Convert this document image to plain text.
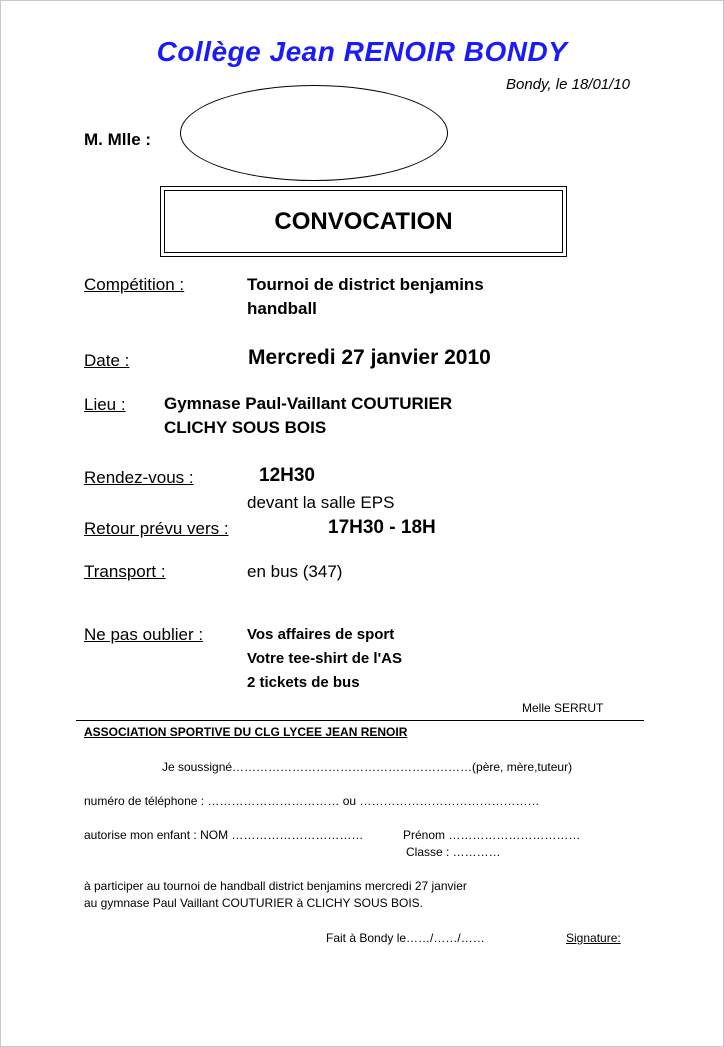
Collège Jean RENOIR BONDY
Bondy, le 18/01/10
M. Mlle :
CONVOCATION
Compétition :	Tournoi de district benjamins
handball
Date :	Mercredi 27 janvier 2010
Lieu : Gymnase Paul-Vaillant COUTURIER
CLICHY SOUS BOIS
Rendez-vous :	12H30
devant la salle EPS
Retour prévu vers :	17H30 - 18H
Transport :	en bus (347)
Ne pas oublier :	Vos affaires de sport
Votre tee-shirt de l'AS
2 tickets de bus
Melle SERRUT
ASSOCIATION SPORTIVE DU CLG LYCEE JEAN RENOIR
Je soussigné……………………………………………………(père, mère,tuteur)
numéro de téléphone : …………………………… ou ………………………………………
autorise mon enfant : NOM ……………………………	Prénom ……………………………
Classe : …………
à participer au tournoi de handball district benjamins mercredi 27 janvier
au gymnase Paul Vaillant COUTURIER à CLICHY SOUS BOIS.
Fait à Bondy le……/……/……	Signature:
